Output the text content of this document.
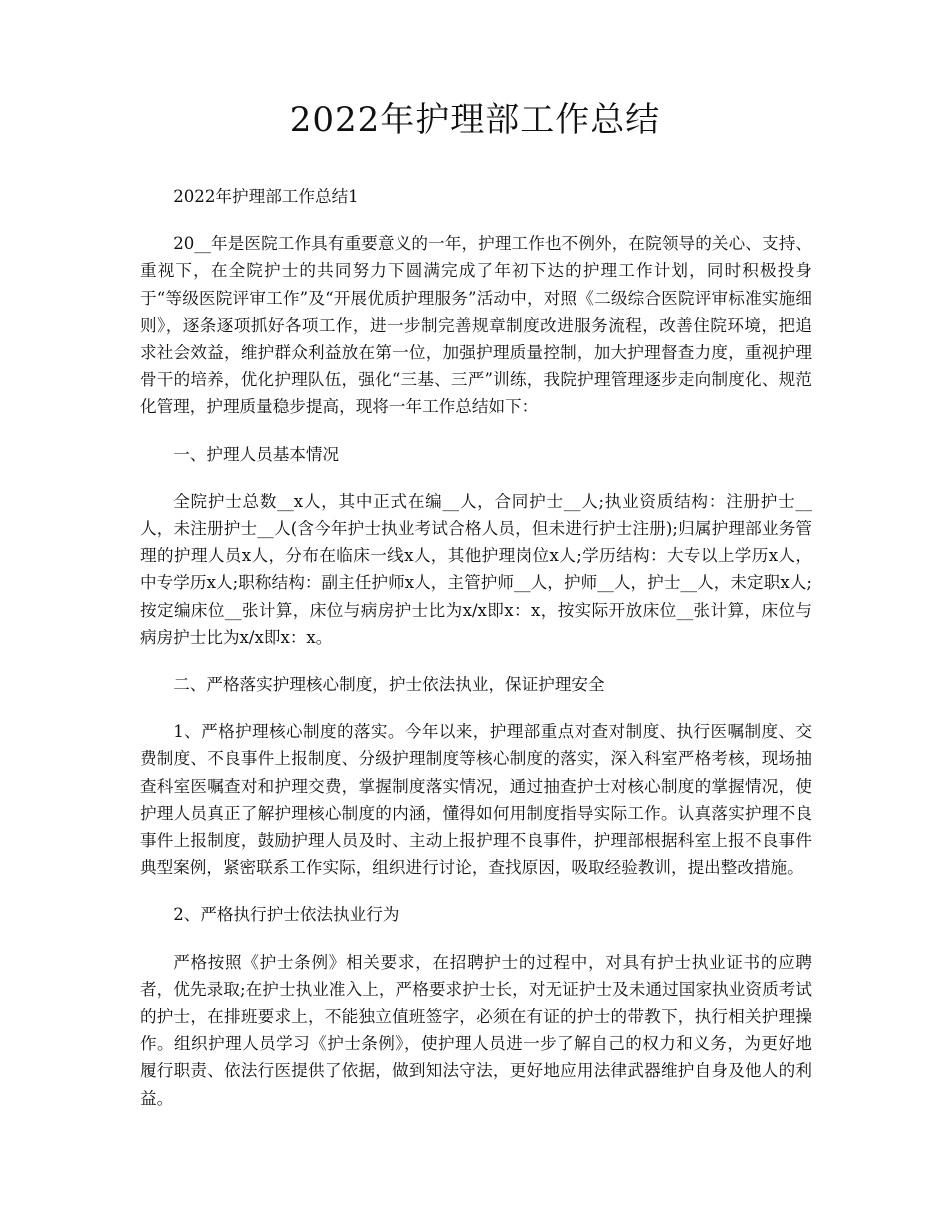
2022年护理部工作总结

2022年护理部工作总结1

20__年是医院工作具有重要意义的一年，护理工作也不例外，在院领导的关心、支持、重视下，在全院护士的共同努力下圆满完成了年初下达的护理工作计划，同时积极投身于“等级医院评审工作”及“开展优质护理服务”活动中，对照《二级综合医院评审标准实施细则》，逐条逐项抓好各项工作，进一步制完善规章制度改进服务流程，改善住院环境，把追求社会效益，维护群众利益放在第一位，加强护理质量控制，加大护理督查力度，重视护理骨干的培养，优化护理队伍，强化“三基、三严”训练，我院护理管理逐步走向制度化、规范化管理，护理质量稳步提高，现将一年工作总结如下：

一、护理人员基本情况

全院护士总数__x人，其中正式在编__人，合同护士__人;执业资质结构：注册护士__人，未注册护士__人(含今年护士执业考试合格人员，但未进行护士注册);归属护理部业务管理的护理人员x人，分布在临床一线x人，其他护理岗位x人;学历结构：大专以上学历x人，中专学历x人;职称结构：副主任护师x人，主管护师__人，护师__人，护士__人，未定职x人;按定编床位__张计算，床位与病房护士比为x/x即x：x，按实际开放床位__张计算，床位与病房护士比为x/x即x：x。

二、严格落实护理核心制度，护士依法执业，保证护理安全

1、严格护理核心制度的落实。今年以来，护理部重点对查对制度、执行医嘱制度、交费制度、不良事件上报制度、分级护理制度等核心制度的落实，深入科室严格考核，现场抽查科室医嘱查对和护理交费，掌握制度落实情况，通过抽查护士对核心制度的掌握情况，使护理人员真正了解护理核心制度的内涵，懂得如何用制度指导实际工作。认真落实护理不良事件上报制度，鼓励护理人员及时、主动上报护理不良事件，护理部根据科室上报不良事件典型案例，紧密联系工作实际，组织进行讨论，查找原因，吸取经验教训，提出整改措施。

2、严格执行护士依法执业行为

严格按照《护士条例》相关要求，在招聘护士的过程中，对具有护士执业证书的应聘者，优先录取;在护士执业准入上，严格要求护士长，对无证护士及未通过国家执业资质考试的护士，在排班要求上，不能独立值班签字，必须在有证的护士的带教下，执行相关护理操作。组织护理人员学习《护士条例》，使护理人员进一步了解自己的权力和义务，为更好地履行职责、依法行医提供了依据，做到知法守法，更好地应用法律武器维护自身及他人的利益。
